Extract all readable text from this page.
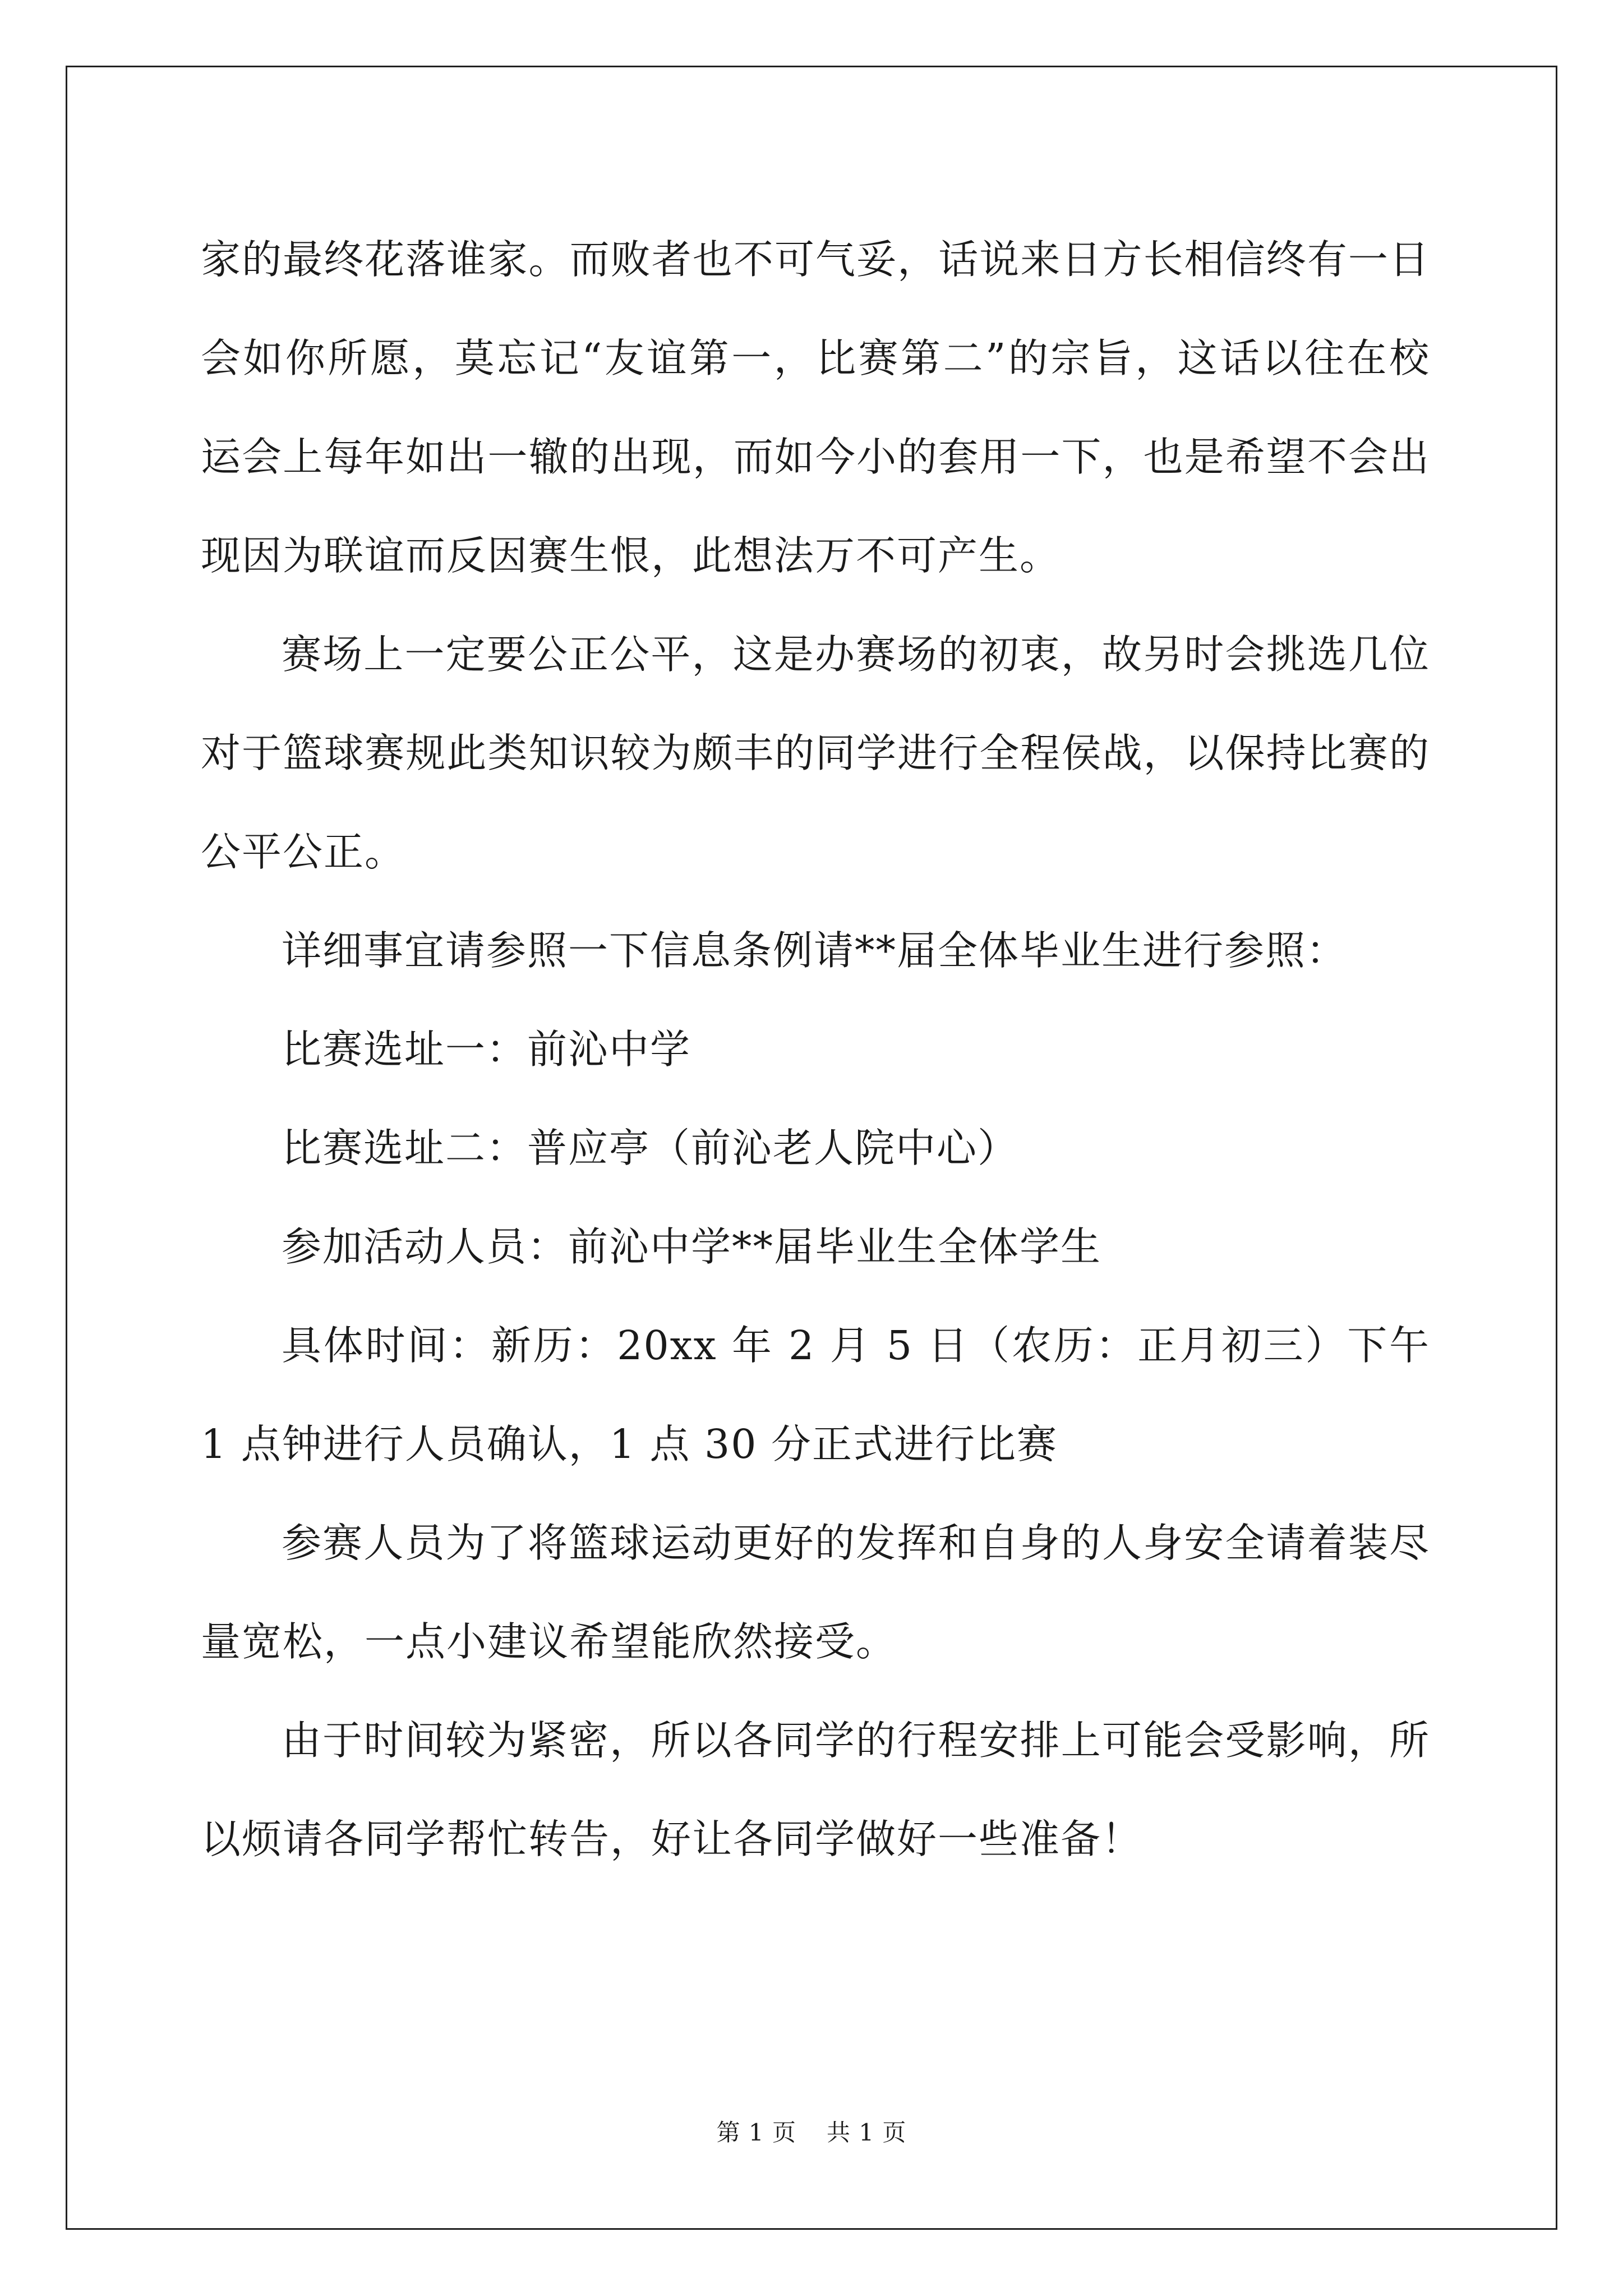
家的最终花落谁家。而败者也不可气妥，话说来日方长相信终有一日会如你所愿，莫忘记“友谊第一，比赛第二”的宗旨，这话以往在校运会上每年如出一辙的出现，而如今小的套用一下，也是希望不会出现因为联谊而反因赛生恨，此想法万不可产生。

赛场上一定要公正公平，这是办赛场的初衷，故另时会挑选几位对于篮球赛规此类知识较为颇丰的同学进行全程侯战，以保持比赛的公平公正。

详细事宜请参照一下信息条例请**届全体毕业生进行参照：

比赛选址一：前沁中学

比赛选址二：普应亭（前沁老人院中心）

参加活动人员：前沁中学**届毕业生全体学生

具体时间：新历：20xx 年 2 月 5 日（农历：正月初三）下午 1 点钟进行人员确认，1 点 30 分正式进行比赛

参赛人员为了将篮球运动更好的发挥和自身的人身安全请着装尽量宽松，一点小建议希望能欣然接受。

由于时间较为紧密，所以各同学的行程安排上可能会受影响，所以烦请各同学帮忙转告，好让各同学做好一些准备！

第 1 页 共 1 页
